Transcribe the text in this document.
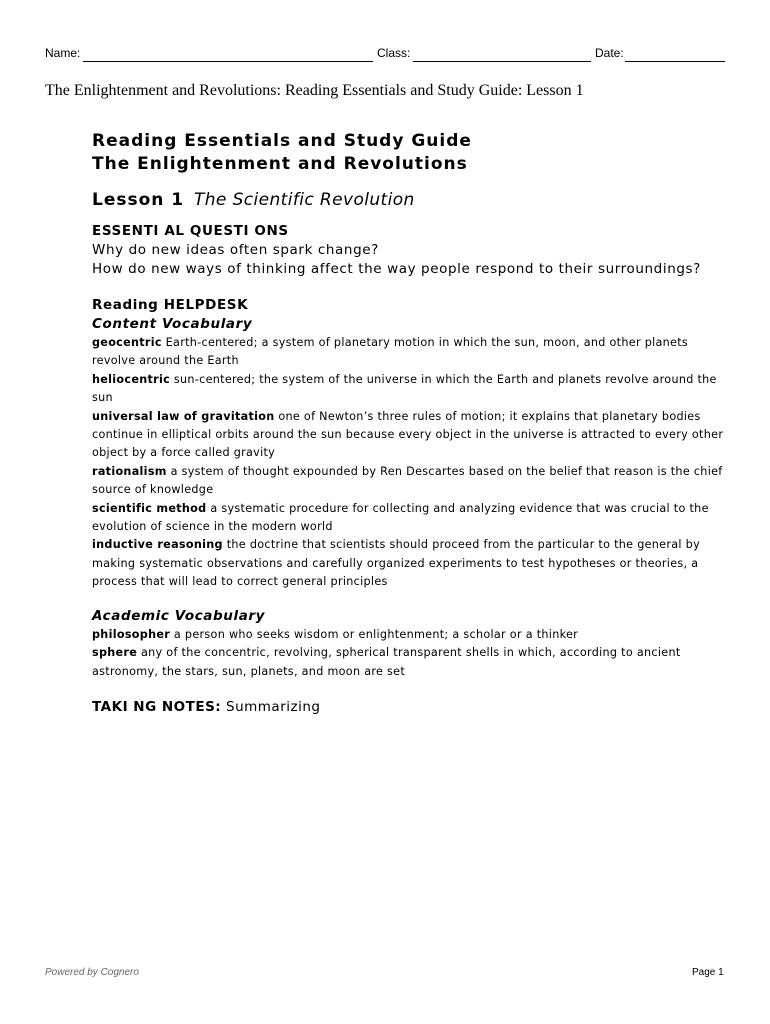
Name:	Class:	Date:
The Enlightenment and Revolutions: Reading Essentials and Study Guide: Lesson 1
Reading Essentials and Study Guide
The Enlightenment and Revolutions
Lesson 1 The Scientific Revolution
ESSENTI AL QUESTI ONS
Why do new ideas often spark change?
How do new ways of thinking affect the way people respond to their surroundings?
Reading HELPDESK
Content Vocabulary
geocentric Earth-centered; a system of planetary motion in which the sun, moon, and other planets revolve around the Earth
heliocentric sun-centered; the system of the universe in which the Earth and planets revolve around the sun
universal law of gravitation one of Newton’s three rules of motion; it explains that planetary bodies continue in elliptical orbits around the sun because every object in the universe is attracted to every other object by a force called gravity
rationalism a system of thought expounded by Ren Descartes based on the belief that reason is the chief source of knowledge
scientific method a systematic procedure for collecting and analyzing evidence that was crucial to the evolution of science in the modern world
inductive reasoning the doctrine that scientists should proceed from the particular to the general by making systematic observations and carefully organized experiments to test hypotheses or theories, a process that will lead to correct general principles
Academic Vocabulary
philosopher a person who seeks wisdom or enlightenment; a scholar or a thinker
sphere any of the concentric, revolving, spherical transparent shells in which, according to ancient astronomy, the stars, sun, planets, and moon are set
TAKI NG NOTES: Summarizing
Powered by Cognero	Page 1
